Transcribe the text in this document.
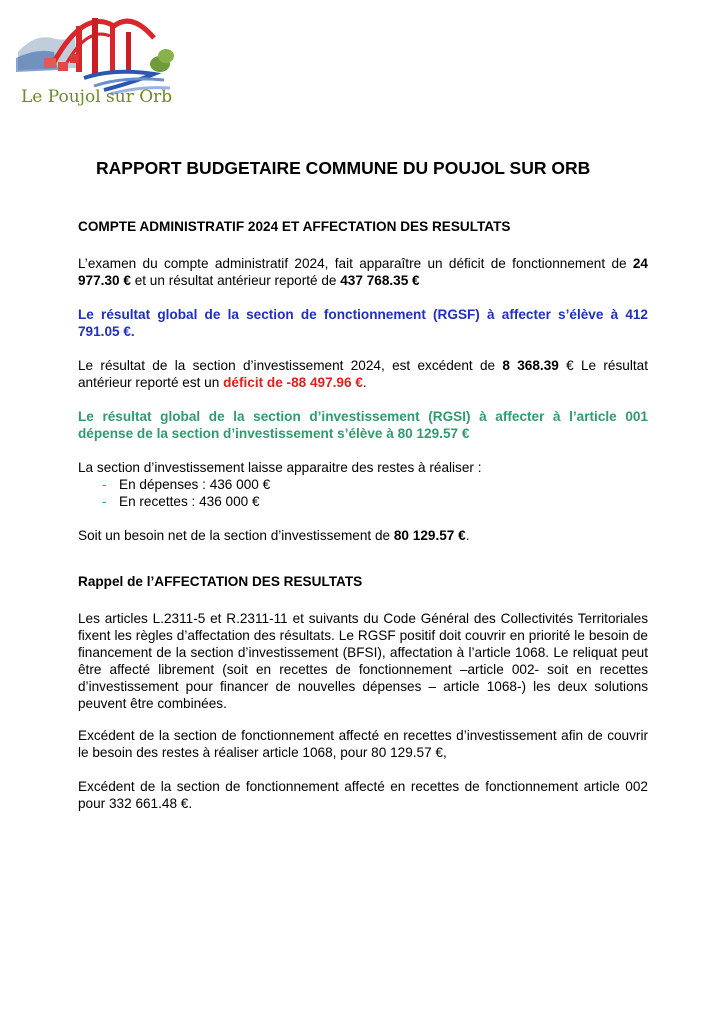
Le Poujol sur Orb
RAPPORT BUDGETAIRE COMMUNE DU POUJOL SUR ORB
COMPTE ADMINISTRATIF 2024 ET AFFECTATION DES RESULTATS

L’examen du compte administratif 2024, fait apparaître un déficit de fonctionnement de 24 977.30 € et un résultat antérieur reporté de 437 768.35 €

Le résultat global de la section de fonctionnement (RGSF) à affecter s’élève à 412 791.05 €.

Le résultat de la section d’investissement 2024, est excédent de 8 368.39 € Le résultat antérieur reporté est un déficit de -88 497.96 €.

Le résultat global de la section d’investissement (RGSI) à affecter à l’article 001 dépense de la section d’investissement s’élève à 80 129.57 €

La section d’investissement laisse apparaitre des restes à réaliser :

- En dépenses : 436 000 €
- En recettes : 436 000 €

Soit un besoin net de la section d’investissement de 80 129.57 €.

Rappel de l’AFFECTATION DES RESULTATS

Les articles L.2311-5 et R.2311-11 et suivants du Code Général des Collectivités Territoriales fixent les règles d’affectation des résultats. Le RGSF positif doit couvrir en priorité le besoin de financement de la section d’investissement (BFSI), affectation à l’article 1068. Le reliquat peut être affecté librement (soit en recettes de fonctionnement –article 002- soit en recettes d’investissement pour financer de nouvelles dépenses – article 1068-) les deux solutions peuvent être combinées.

Excédent de la section de fonctionnement affecté en recettes d’investissement afin de couvrir le besoin des restes à réaliser article 1068, pour 80 129.57 €,

Excédent de la section de fonctionnement affecté en recettes de fonctionnement article 002 pour 332 661.48 €.
